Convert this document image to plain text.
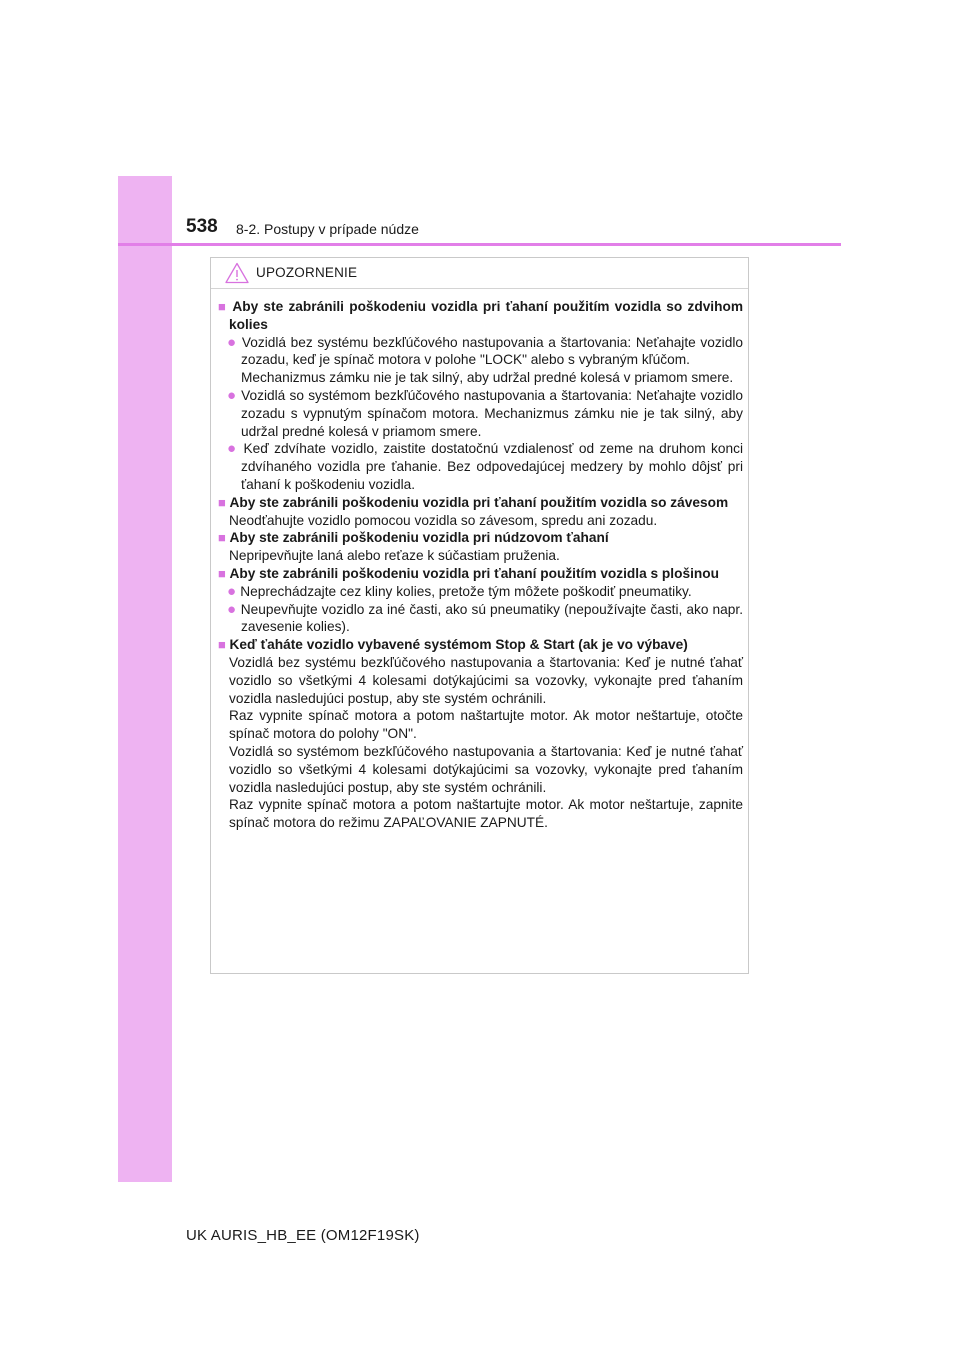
538 8-2. Postupy v prípade núdze
UPOZORNENIE

■ Aby ste zabránili poškodeniu vozidla pri ťahaní použitím vozidla so zdvihom kolies

● Vozidlá bez systému bezkľúčového nastupovania a štartovania: Neťahajte vozidlo zozadu, keď je spínač motora v polohe "LOCK" alebo s vybraným kľúčom.
Mechanizmus zámku nie je tak silný, aby udržal predné kolesá v priamom smere.

● Vozidlá so systémom bezkľúčového nastupovania a štartovania: Neťahajte vozidlo zozadu s vypnutým spínačom motora. Mechanizmus zámku nie je tak silný, aby udržal predné kolesá v priamom smere.

● Keď zdvíhate vozidlo, zaistite dostatočnú vzdialenosť od zeme na druhom konci zdvíhaného vozidla pre ťahanie. Bez odpovedajúcej medzery by mohlo dôjsť pri ťahaní k poškodeniu vozidla.

■ Aby ste zabránili poškodeniu vozidla pri ťahaní použitím vozidla so závesom

Neodťahujte vozidlo pomocou vozidla so závesom, spredu ani zozadu.

■ Aby ste zabránili poškodeniu vozidla pri núdzovom ťahaní

Nepripevňujte laná alebo reťaze k súčastiam pruženia.

■ Aby ste zabránili poškodeniu vozidla pri ťahaní použitím vozidla s plošinou

● Neprechádzajte cez kliny kolies, pretože tým môžete poškodiť pneumatiky.

● Neupevňujte vozidlo za iné časti, ako sú pneumatiky (nepoužívajte časti, ako napr. zavesenie kolies).

■ Keď ťaháte vozidlo vybavené systémom Stop & Start (ak je vo výbave)

Vozidlá bez systému bezkľúčového nastupovania a štartovania: Keď je nutné ťahať vozidlo so všetkými 4 kolesami dotýkajúcimi sa vozovky, vykonajte pred ťahaním vozidla nasledujúci postup, aby ste systém ochránili.
Raz vypnite spínač motora a potom naštartujte motor. Ak motor neštartuje, otočte spínač motora do polohy "ON".

Vozidlá so systémom bezkľúčového nastupovania a štartovania: Keď je nutné ťahať vozidlo so všetkými 4 kolesami dotýkajúcimi sa vozovky, vykonajte pred ťahaním vozidla nasledujúci postup, aby ste systém ochránili.
Raz vypnite spínač motora a potom naštartujte motor. Ak motor neštartuje, zapnite spínač motora do režimu ZAPAĽOVANIE ZAPNUTÉ.

UK AURIS_HB_EE (OM12F19SK)
